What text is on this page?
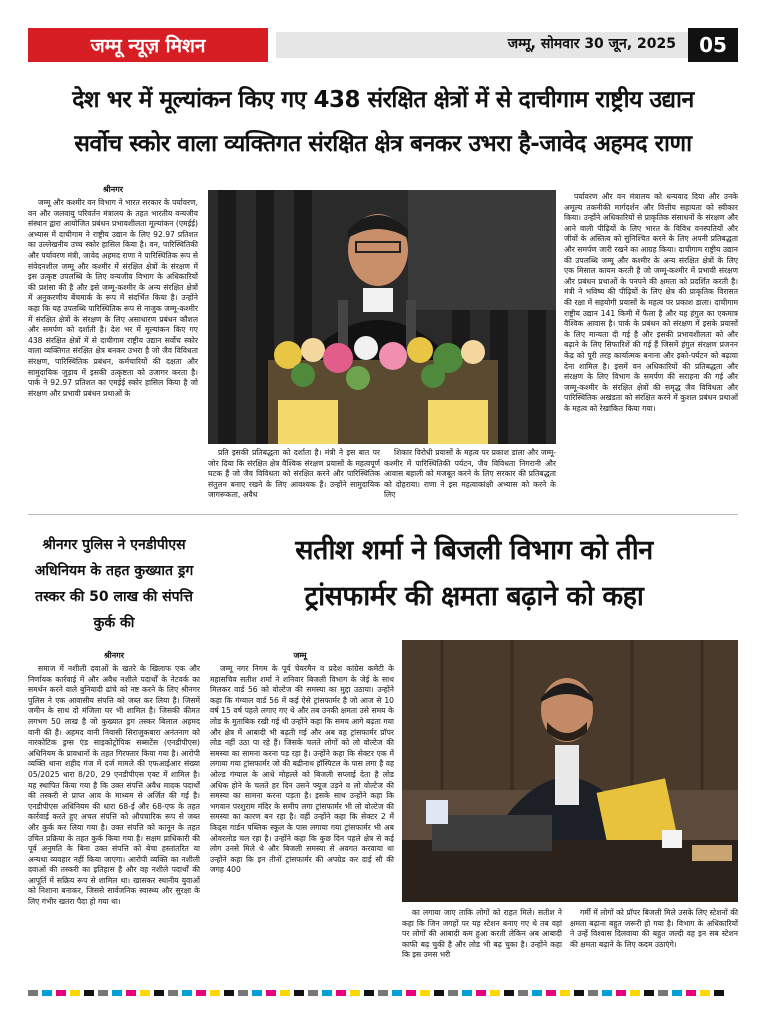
जम्मू न्यूज़ मिशन	जम्मू, सोमवार 30 जून, 2025	05
देश भर में मूल्यांकन किए गए 438 संरक्षित क्षेत्रों में से दाचीगाम राष्ट्रीय उद्यान
सर्वोच स्कोर वाला व्यक्तिगत संरक्षित क्षेत्र बनकर उभरा है-जावेद अहमद राणा
श्रीनगर

जम्मू और कश्मीर वन विभाग ने भारत सरकार के पर्यावरण, वन और जलवायु परिवर्तन मंत्रालय के तहत भारतीय वन्यजीव संस्थान द्वारा आयोजित प्रबंधन प्रभावशीलता मूल्यांकन (एमईई) अभ्यास में दाचीगाम ने राष्ट्रीय उद्यान के लिए 92.97 प्रतिशत का उल्लेखनीय उच्च स्कोर हासिल किया है। वन, पारिस्थितिकी और पर्यावरण मंत्री, जावेद अहमद राणा ने पारिस्थितिक रूप से संवेदनशील जम्मू और कश्मीर में संरक्षित क्षेत्रों के संरक्षण में इस उत्कृष्ट उपलब्धि के लिए वन्यजीव विभाग के अधिकारियों की प्रशंसा की है और इसे जम्मू-कश्मीर के अन्य संरक्षित क्षेत्रों में अनुकरणीय बेंचमार्क के रूप में संदर्भित किया है। उन्होंने कहा कि यह उपलब्धि पारिस्थितिक रूप से नाजुक जम्मू-कश्मीर में संरक्षित क्षेत्रों के संरक्षण के लिए असाधारण प्रबंधन कौशल और समर्पण को दर्शाती है। देश भर में मूल्यांकन किए गए 438 संरक्षित क्षेत्रों में से दाचीगाम राष्ट्रीय उद्यान सर्वोच स्कोर वाला व्यक्तिगत संरक्षित क्षेत्र बनकर उभरा है जो जैव विविधता संरक्षण, पारिस्थितिक प्रबंधन, कर्मचारियों की दक्षता और सामुदायिक जुड़ाव में इसकी उत्कृष्टता को उजागर करता है। पार्क ने 92.97 प्रतिशत का एमईई स्कोर हासिल किया है जो संरक्षण और प्रभावी प्रबंधन प्रथाओं के

प्रति इसकी प्रतिबद्धता को दर्शाता है। मंत्री ने इस बात पर जोर दिया कि संरक्षित क्षेत्र वैश्विक संरक्षण प्रयासों के महत्वपूर्ण घटक हैं जो जैव विविधता को संरक्षित करने और पारिस्थितिक संतुलन बनाए रखने के लिए आवश्यक हैं। उन्होंने सामुदायिक जागरूकता, अवैध

शिकार विरोधी प्रयासों के महत्व पर प्रकाश डाला और जम्मू-कश्मीर में पारिस्थितिकी पर्यटन, जैव विविधता निगरानी और आवास बहाली को मजबूत करने के लिए सरकार की प्रतिबद्धता को दोहराया। राणा ने इस महत्वाकांक्षी अभ्यास को करने के लिए

पर्यावरण और वन मंत्रालय को धन्यवाद दिया और उनके अमूल्य तकनीकी मार्गदर्शन और वित्तीय सहायता को स्वीकार किया। उन्होंने अधिकारियों से प्राकृतिक संसाधनों के संरक्षण और आने वाली पीढ़ियों के लिए भारत के विविध वनस्पतियों और जीवों के अस्तित्व को सुनिश्चित करने के लिए अपनी प्रतिबद्धता और समर्पण जारी रखने का आग्रह किया। दाचीगाम राष्ट्रीय उद्यान की उपलब्धि जम्मू और कश्मीर के अन्य संरक्षित क्षेत्रों के लिए एक मिसाल कायम करती है जो जम्मू-कश्मीर में प्रभावी संरक्षण और प्रबंधन प्रथाओं के पनपने की क्षमता को प्रदर्शित करती है। मंत्री ने भविष्य की पीढ़ियों के लिए क्षेत्र की प्राकृतिक विरासत की रक्षा में सहयोगी प्रयासों के महत्व पर प्रकाश डाला। दाचीगाम राष्ट्रीय उद्यान 141 किमी में फैला है और यह हंगुल का एकमात्र वैश्विक आवास है। पार्क के प्रबंधन को संरक्षण में इसके प्रयासों के लिए मान्यता दी गई है और इसकी प्रभावशीलता को और बढ़ाने के लिए सिफारिशें की गई हैं जिसमें हंगुल संरक्षण प्रजनन केंद्र को पूरी तरह कार्यात्मक बनाना और इको-पर्यटन को बढ़ावा देना शामिल है। इसमें वन अधिकारियों की प्रतिबद्धता और संरक्षण के लिए विभाग के समर्पण की सराहना की गई और जम्मू-कश्मीर के संरक्षित क्षेत्रों की समृद्ध जैव विविधता और पारिस्थितिक अखंडता को संरक्षित करने में कुशल प्रबंधन प्रथाओं के महत्व को रेखांकित किया गया।

श्रीनगर पुलिस ने एनडीपीएस अधिनियम के तहत कुख्यात ड्रग तस्कर की 50 लाख की संपत्ति कुर्क की
श्रीनगर

समाज में नशीली दवाओं के खतरे के खिलाफ एक और निर्णायक कार्रवाई में और अवैध नशीले पदार्थों के नेटवर्क का समर्थन करने वाले बुनियादी ढांचे को नष्ट करने के लिए श्रीनगर पुलिस ने एक आवासीय संपत्ति को जब्त कर लिया है। जिसमें जमीन के साथ दो मंजिला घर भी शामिल है। जिसकी कीमत लगभग 50 लाख है जो कुख्यात ड्रग तस्कर बिलाल अहमद वानी की है। अहमद वानी निवासी सिराजुकबारा अनंतनाग को नारकोटिक ड्रग्स एंड साइकोट्रोपिक सब्सटेंस (एनडीपीएस) अधिनियम के प्रावधानों के तहत गिरफ्तार किया गया है। आरोपी व्यक्ति थाना शहीद गंज में दर्ज मामले की एफआईआर संख्या 05/2025 धारा 8/20, 29 एनडीपीएस एक्ट में शामिल है। यह स्थापित किया गया है कि उक्त संपत्ति अवैध मादक पदार्थों की तस्करी से प्राप्त आय के माध्यम से अर्जित की गई है। एनडीपीएस अधिनियम की धारा 68-ई और 68-एफ के तहत कार्रवाई करते हुए अचल संपत्ति को औपचारिक रूप से जब्त और कुर्क कर लिया गया है। उक्त संपत्ति को कानून के तहत उचित प्रक्रिया के तहत कुर्क किया गया है। सक्षम प्राधिकारी की पूर्व अनुमति के बिना उक्त संपत्ति को बेचा हस्तांतरित या अन्यथा व्यवहार नहीं किया जाएगा। आरोपी व्यक्ति का नशीली दवाओं की तस्करी का इतिहास है और वह नशीले पदार्थों की आपूर्ति में सक्रिय रूप से शामिल था। खासकर स्थानीय युवाओं को निशाना बनाकर, जिससे सार्वजनिक स्वास्थ्य और सुरक्षा के लिए गंभीर खतरा पैदा हो गया था।

सतीश शर्मा ने बिजली विभाग को तीन
ट्रांसफार्मर की क्षमता बढ़ाने को कहा
जम्मू

जम्मू नगर निगम के पूर्व चेयरमैन व प्रदेश कांग्रेस कमेटी के महासचिव सतीश शर्मा ने शनिवार बिजली विभाग के जेई के साथ मिलकर वार्ड 56 को वोल्टेज की समस्या का मुद्दा उठाया। उन्होंने कहा कि गंग्याल वार्ड 56 में कई ऐसे ट्रांसफार्मर है जो आज से 10 वर्ष 15 वर्ष पहले लगाए गए थे और तब उनकी क्षमता उसे समय के लोड के मुताबिक रखी गई थी उन्होंने कहा कि समय आगे बढ़ता गया और क्षेत्र में आबादी भी बढ़ती गई और अब वह ट्रांसफार्मर प्रॉपर लोड नहीं उठा पा रहे हैं। जिसके चलते लोगों को लो वोल्टेज की समस्या का सामना करना पड़ रहा है। उन्होंने कहा कि सेक्टर एक में लगाया गया ट्रांसफार्मर जो की बद्रीनाथ हॉस्पिटल के पास लगा है वह ओल्ड गंग्याल के आधे मोहल्ले को बिजली सप्लाई देता है लोड अधिक होने के चलते हर दिन उसने फ्यूज उड़ने व लो वोल्टेज की समस्या का सामना करना पड़ता है। इसके साथ उन्होंने कहा कि भगवान परशुराम मंदिर के समीप लगा ट्रांसफार्मर भी लो वोल्टेज की समस्या का कारण बन रहा है। वहीं उन्होंने कहा कि सेक्टर 2 में किड्स गार्डन पब्लिक स्कूल के पास लगाया गया ट्रांसफार्मर भी अब ओवरलोड चल रहा है। उन्होंने कहा कि कुछ दिन पहले क्षेत्र से कई लोग उनसे मिले थे और बिजली समस्या से अवगत करवाया था उन्होंने कहा कि इन तीनों ट्रांसफार्मर की अपग्रेड कर दाई सौ की जगह 400

का लगाया जाए ताकि लोगों को राहत मिले। सतीश ने कहा कि जिन जगहों पर यह स्टेशन बनाए गए थे तब वहां पर लोगों की आबादी कम हुआ करती लेकिन अब आबादी काफी बढ़ चुकी है और लोड भी बढ़ चुका है। उन्होंने कहा कि इस उमस भरी

गर्मी में लोगों को प्रॉपर बिजली मिले उसके लिए स्टेशनों की क्षमता बढ़ाना बहुत जरूरी हो गया है। विभाग के अधिकारियों ने उन्हें विश्वास दिलवाया की बहुत जल्दी वह इन सब स्टेशन की क्षमता बढ़ाने के लिए कदम उठाएंगे।
